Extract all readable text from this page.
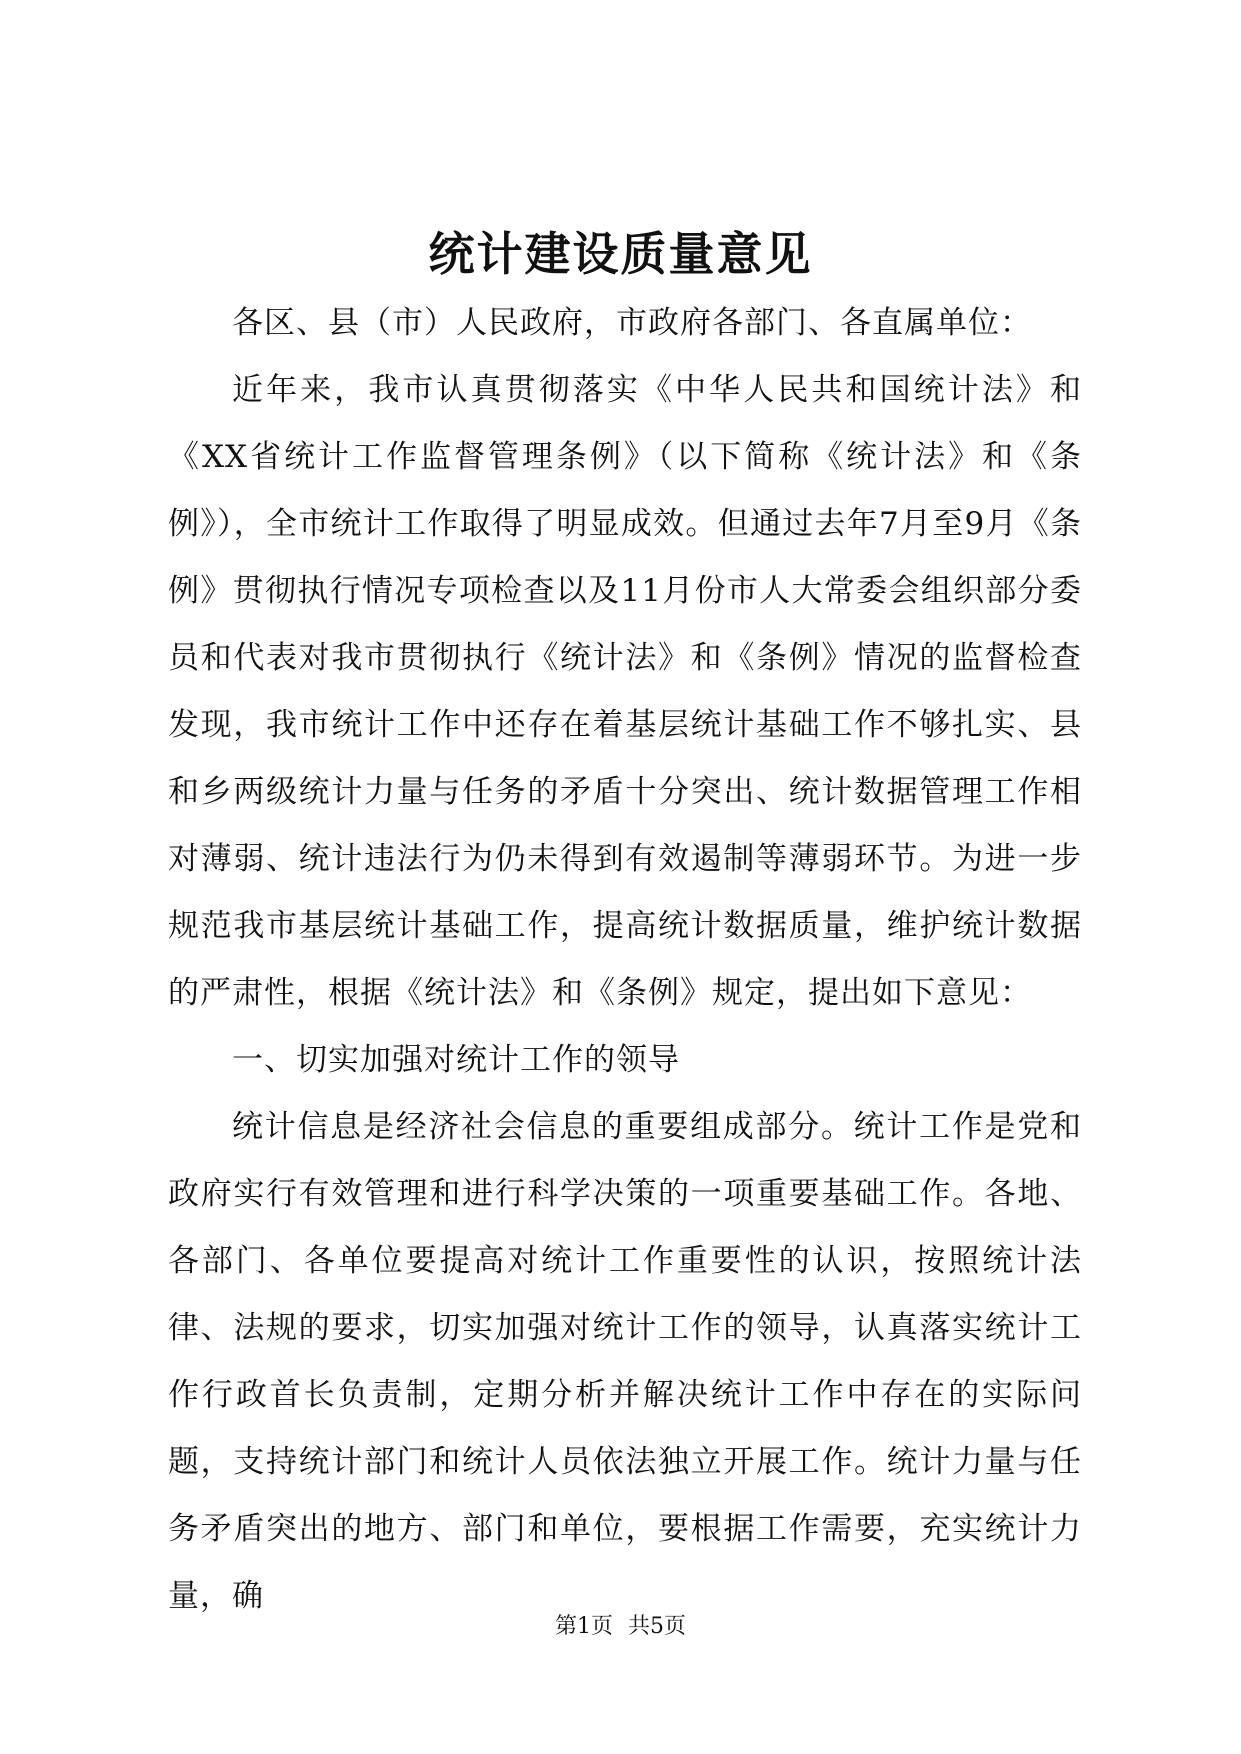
统计建设质量意见

各区、县（市）人民政府，市政府各部门、各直属单位：

近年来，我市认真贯彻落实《中华人民共和国统计法》和《XX省统计工作监督管理条例》（以下简称《统计法》和《条例》），全市统计工作取得了明显成效。但通过去年7月至9月《条例》贯彻执行情况专项检查以及11月份市人大常委会组织部分委员和代表对我市贯彻执行《统计法》和《条例》情况的监督检查发现，我市统计工作中还存在着基层统计基础工作不够扎实、县和乡两级统计力量与任务的矛盾十分突出、统计数据管理工作相对薄弱、统计违法行为仍未得到有效遏制等薄弱环节。为进一步规范我市基层统计基础工作，提高统计数据质量，维护统计数据的严肃性，根据《统计法》和《条例》规定，提出如下意见：

一、切实加强对统计工作的领导

统计信息是经济社会信息的重要组成部分。统计工作是党和政府实行有效管理和进行科学决策的一项重要基础工作。各地、各部门、各单位要提高对统计工作重要性的认识，按照统计法律、法规的要求，切实加强对统计工作的领导，认真落实统计工作行政首长负责制，定期分析并解决统计工作中存在的实际问题，支持统计部门和统计人员依法独立开展工作。统计力量与任务矛盾突出的地方、部门和单位，要根据工作需要，充实统计力量，确

第1页 共5页
